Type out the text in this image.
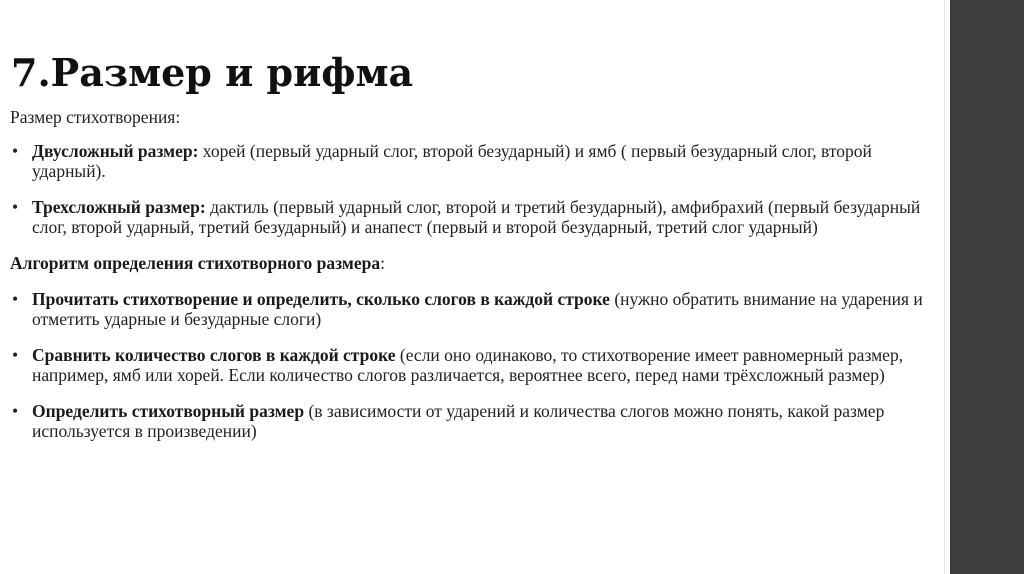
7.Размер и рифма

Размер стихотворения:

• Двусложный размер: хорей (первый ударный слог, второй безударный) и ямб ( первый безударный слог, второй ударный).
• Трехсложный размер: дактиль (первый ударный слог, второй и третий безударный), амфибрахий (первый безударный слог, второй ударный, третий безударный) и анапест (первый и второй безударный, третий слог ударный)

Алгоритм определения стихотворного размера:

• Прочитать стихотворение и определить, сколько слогов в каждой строке (нужно обратить внимание на ударения и отметить ударные и безударные слоги)
• Сравнить количество слогов в каждой строке (если оно одинаково, то стихотворение имеет равномерный размер, например, ямб или хорей. Если количество слогов различается, вероятнее всего, перед нами трёхсложный размер)
• Определить стихотворный размер (в зависимости от ударений и количества слогов можно понять, какой размер используется в произведении)
